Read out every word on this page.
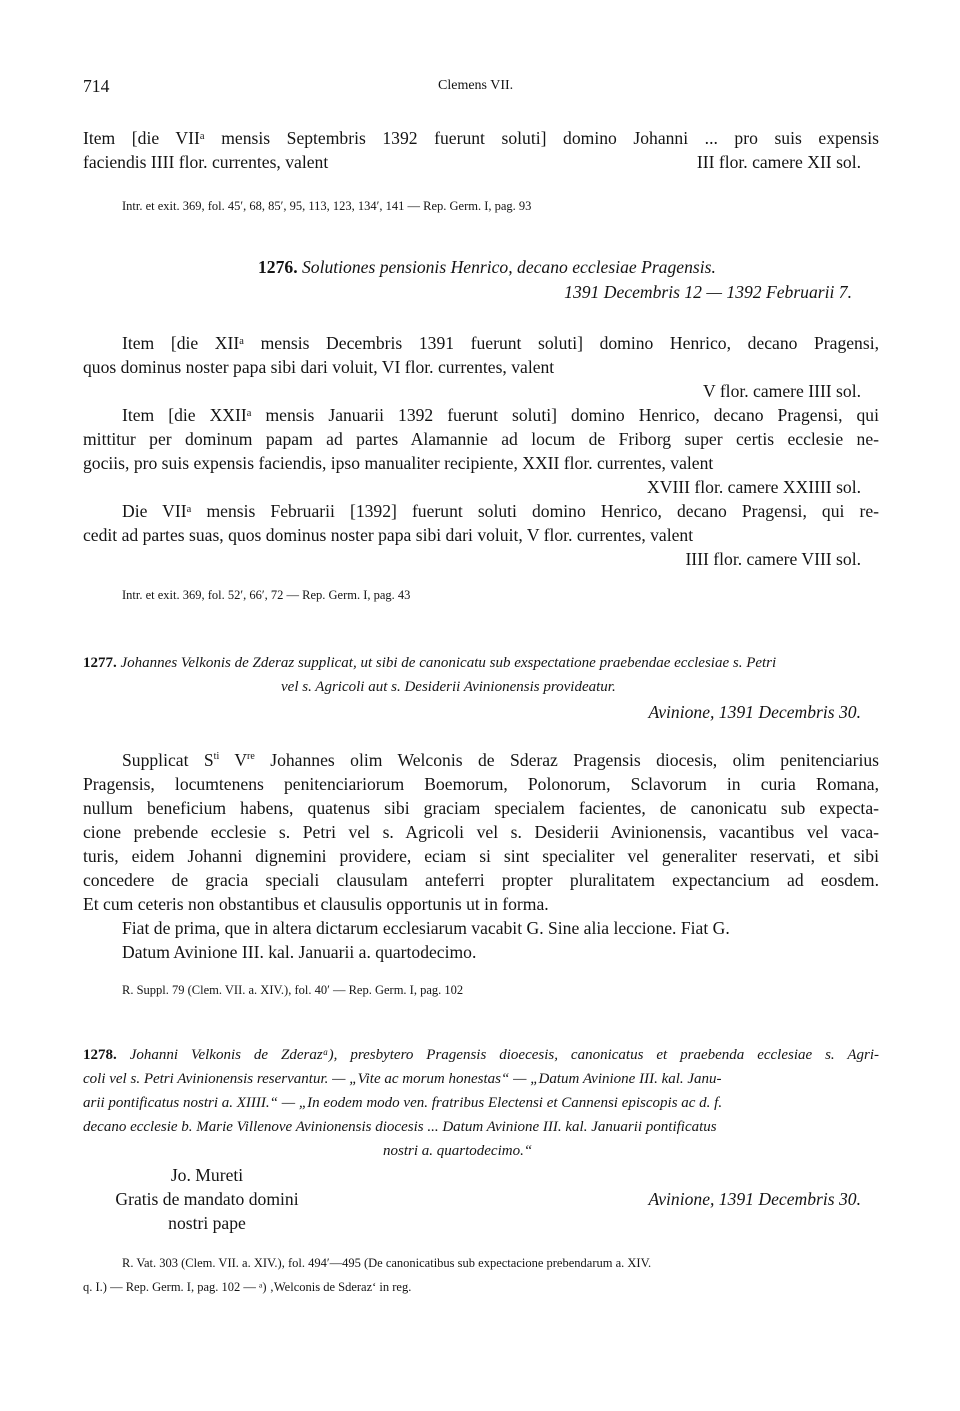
714	Clemens VII.
Item [die VIIᵃ mensis Septembris 1392 fuerunt soluti] domino Johanni ... pro suis expensis
faciendis IIII flor. currentes, valent	III flor. camere XII sol.
Intr. et exit. 369, fol. 45′, 68, 85′, 95, 113, 123, 134′, 141 — Rep. Germ. I, pag. 93
1276. Solutiones pensionis Henrico, decano ecclesiae Pragensis.
1391 Decembris 12 — 1392 Februarii 7.
Item [die XIIᵃ mensis Decembris 1391 fuerunt soluti] domino Henrico, decano Pragensi,
quos dominus noster papa sibi dari voluit, VI flor. currentes, valent
V flor. camere IIII sol.
Item [die XXIIᵃ mensis Januarii 1392 fuerunt soluti] domino Henrico, decano Pragensi, qui
mittitur per dominum papam ad partes Alamannie ad locum de Friborg super certis ecclesie ne-
gociis, pro suis expensis faciendis, ipso manualiter recipiente, XXII flor. currentes, valent
XVIII flor. camere XXIIII sol.
Die VIIᵃ mensis Februarii [1392] fuerunt soluti domino Henrico, decano Pragensi, qui re-
cedit ad partes suas, quos dominus noster papa sibi dari voluit, V flor. currentes, valent
IIII flor. camere VIII sol.
Intr. et exit. 369, fol. 52′, 66′, 72 — Rep. Germ. I, pag. 43
1277. Johannes Velkonis de Zderaz supplicat, ut sibi de canonicatu sub exspectatione praebendae ecclesiae s. Petri
vel s. Agricoli aut s. Desiderii Avinionensis provideatur.
Avinione, 1391 Decembris 30.
Supplicat $S^{ti}$ Vre Johannes olim Welconis de Sderaz Pragensis diocesis, olim penitenciarius
Pragensis, locumtenens penitenciariorum Boemorum, Polonorum, Sclavorum in curia Romana,
nullum beneficium habens, quatenus sibi graciam specialem facientes, de canonicatu sub expecta-
cione prebende ecclesie s. Petri vel s. Agricoli vel s. Desiderii Avinionensis, vacantibus vel vaca-
turis, eidem Johanni dignemini providere, eciam si sint specialiter vel generaliter reservati, et sibi
concedere de gracia speciali clausulam anteferri propter pluralitatem expectancium ad eosdem.
Et cum ceteris non obstantibus et clausulis opportunis ut in forma.
Fiat de prima, que in altera dictarum ecclesiarum vacabit G. Sine alia leccione. Fiat G.
Datum Avinione III. kal. Januarii a. quartodecimo.
R. Suppl. 79 (Clem. VII. a. XIV.), fol. 40′ — Rep. Germ. I, pag. 102
1278. Johanni Velkonis de Zderazᵃ), presbytero Pragensis dioecesis, canonicatus et praebenda ecclesiae s. Agri-
coli vel s. Petri Avinionensis reservantur. — „Vite ac morum honestas“ — „Datum Avinione III. kal. Janu-
arii pontificatus nostri a. XIIII.“ — „In eodem modo ven. fratribus Electensi et Cannensi episcopis ac d. f.
decano ecclesie b. Marie Villenove Avinionensis diocesis ... Datum Avinione III. kal. Januarii pontificatus
nostri a. quartodecimo.“
Jo. Mureti
Gratis de mandato domini
nostri pape
Avinione, 1391 Decembris 30.
R. Vat. 303 (Clem. VII. a. XIV.), fol. 494′—495 (De canonicatibus sub expectacione prebendarum a. XIV.
q. I.) — Rep. Germ. I, pag. 102 — ᵃ) ‚Welconis de Sderaz‘ in reg.
